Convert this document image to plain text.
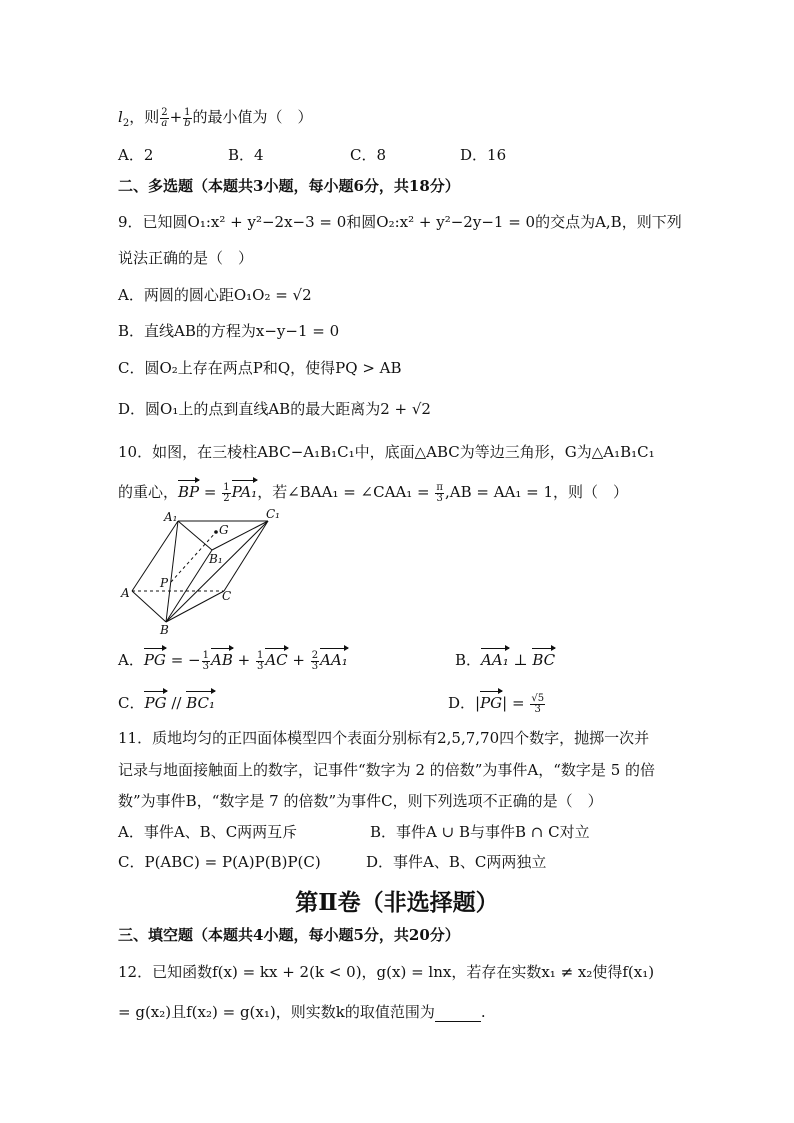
$l_2$，则 $\frac{2}{a} + \frac{1}{b}$ 的最小值为（　）
A．2	B．4	C．8	D．16
二、多选题（本题共3小题，每小题6分，共18分）
9．已知圆O₁:x² + y²−2x−3 = 0和圆O₂:x² + y²−2y−1 = 0的交点为A,B，则下列
说法正确的是（　）
A．两圆的圆心距O₁O₂ = √2
B．直线AB的方程为x−y−1 = 0
C．圆O₂上存在两点P和Q，使得PQ > AB
D．圆O₁上的点到直线AB的最大距离为2 + √2
10．如图，在三棱柱ABC−A₁B₁C₁中，底面△ABC为等边三角形，G为△A₁B₁C₁
的重心，BP = $\frac{1}{2} PA_1$，若∠BAA₁ = ∠CAA₁ = $\frac{\pi}{3} ,AB = AA_1 = 1$，则（　）
A₁	C₁
G
B₁
P
A	C
B
A．PG = − $\frac{1}{3}$ AB + $\frac{1}{3}$ AC + $\frac{2}{3} AA_1$	B．AA₁ ⊥ BC
C．PG // BC₁	D．$|PG| = \frac{√5}{3}$
11．质地均匀的正四面体模型四个表面分别标有2,5,7,70四个数字，抛掷一次并
记录与地面接触面上的数字，记事件“数字为 2 的倍数”为事件A，“数字是 5 的倍
数”为事件B，“数字是 7 的倍数”为事件C，则下列选项不正确的是（　）
A．事件A、B、C两两互斥	B．事件A ∪ B与事件B ∩ C对立
C．P(ABC) = P(A)P(B)P(C)	D．事件A、B、C两两独立
第Ⅱ卷（非选择题）
三、填空题（本题共4小题，每小题5分，共20分）
12．已知函数f(x) = kx + 2(k < 0)，g(x) = lnx，若存在实数x₁ ≠ x₂使得f(x₁)
= g(x₂)且f(x₂) = g(x₁)，则实数k的取值范围为	.
